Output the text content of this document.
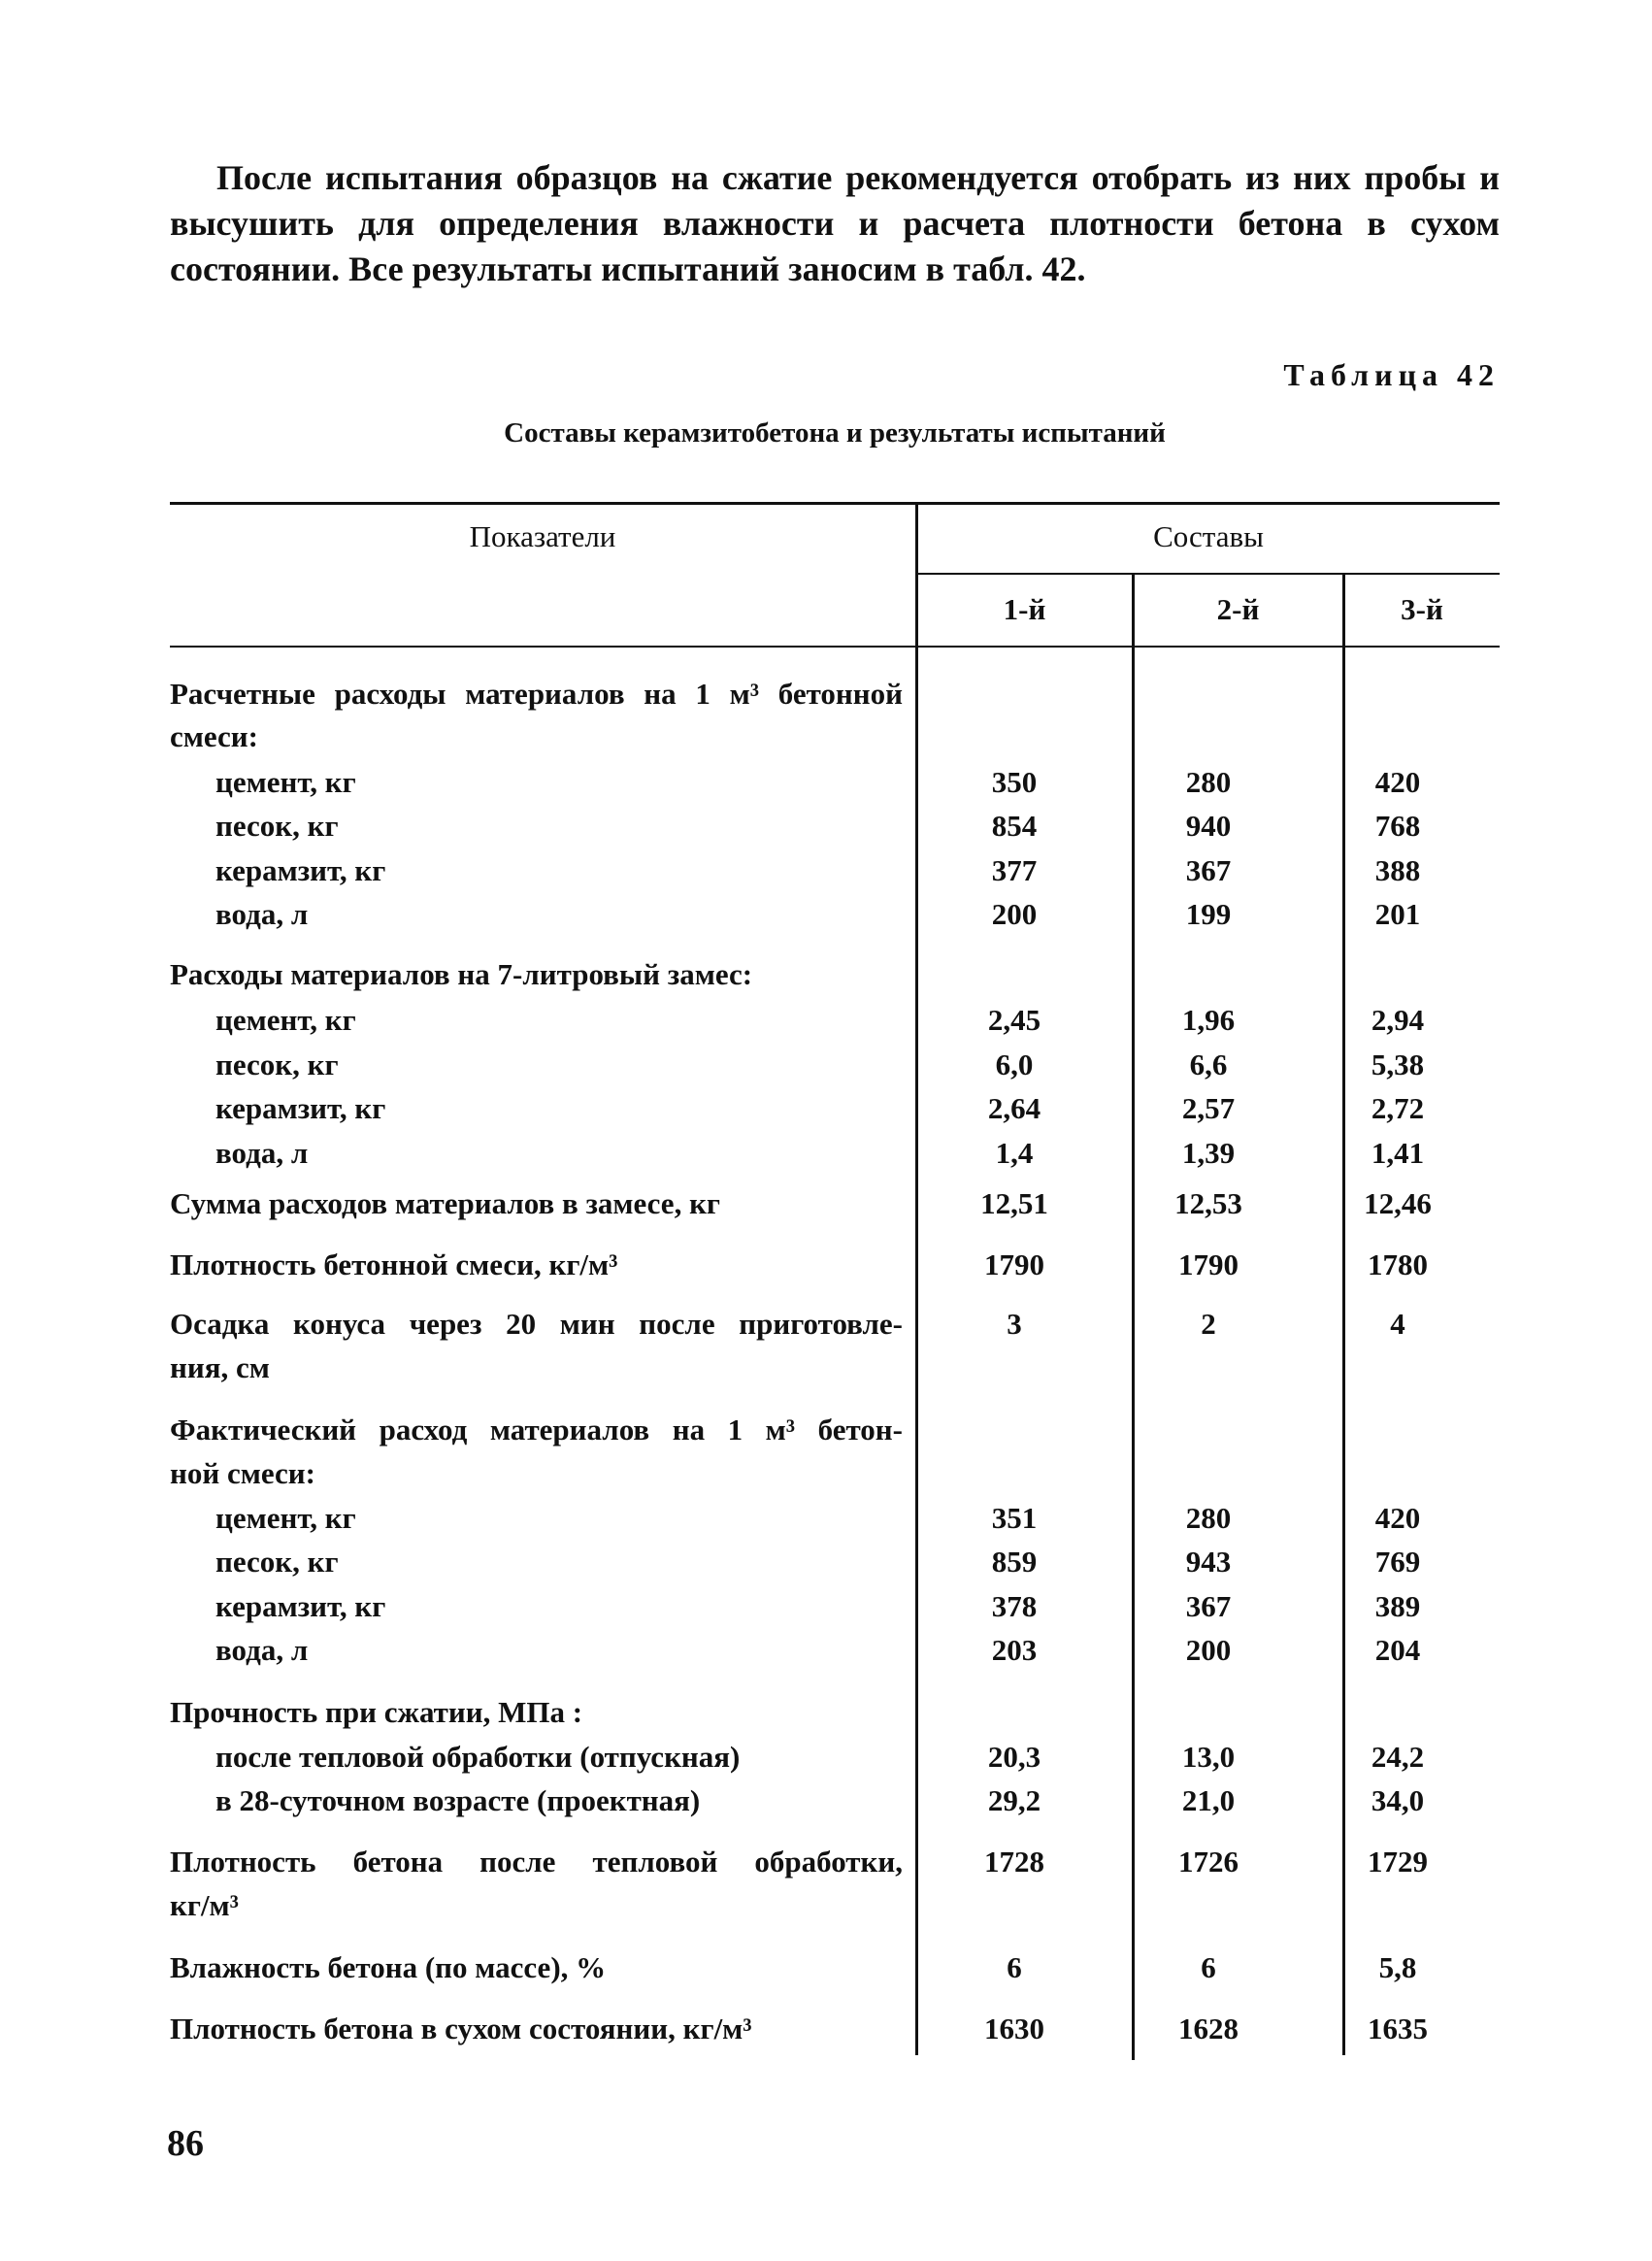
После испытания образцов на сжатие рекомендуется отобрать из них пробы и высушить для определения влажности и расчета плотности бетона в сухом состоянии. Все результаты испытаний заносим в табл. 42.
Таблица 42
Составы керамзитобетона и результаты испытаний
Показатели	Составы
1-й	2-й	3-й
Расчетные расходы материалов на 1 м³ бетонной
смеси:
цемент, кг	350	280	420
песок, кг	854	940	768
керамзит, кг	377	367	388
вода, л	200	199	201
Расходы материалов на 7-литровый замес:
цемент, кг	2,45	1,96	2,94
песок, кг	6,0	6,6	5,38
керамзит, кг	2,64	2,57	2,72
вода, л	1,4	1,39	1,41
Сумма расходов материалов в замесе, кг	12,51	12,53	12,46
Плотность бетонной смеси, кг/м³	1790	1790	1780
Осадка конуса через 20 мин после приготовле-	3	2	4
ния, см
Фактический расход материалов на 1 м³ бетон-
ной смеси:
цемент, кг	351	280	420
песок, кг	859	943	769
керамзит, кг	378	367	389
вода, л	203	200	204
Прочность при сжатии, МПа :
после тепловой обработки (отпускная)	20,3	13,0	24,2
в 28-суточном возрасте (проектная)	29,2	21,0	34,0
Плотность бетона после тепловой обработки,	1728	1726	1729
кг/м³
Влажность бетона (по массе), %	6	6	5,8
Плотность бетона в сухом состоянии, кг/м³	1630	1628	1635
86
